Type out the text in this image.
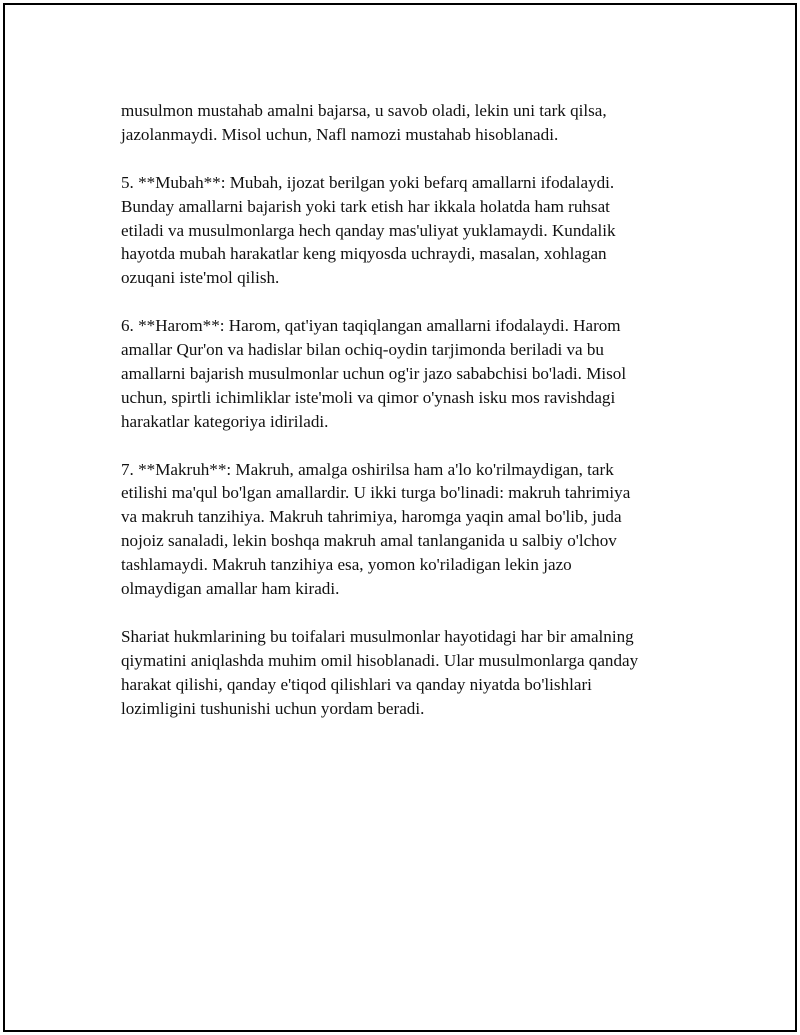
musulmon mustahab amalni bajarsa, u savob oladi, lekin uni tark qilsa,
jazolanmaydi. Misol uchun, Nafl namozi mustahab hisoblanadi.

5. **Mubah**: Mubah, ijozat berilgan yoki befarq amallarni ifodalaydi.
Bunday amallarni bajarish yoki tark etish har ikkala holatda ham ruhsat
etiladi va musulmonlarga hech qanday mas'uliyat yuklamaydi. Kundalik
hayotda mubah harakatlar keng miqyosda uchraydi, masalan, xohlagan
ozuqani iste'mol qilish.

6. **Harom**: Harom, qat'iyan taqiqlangan amallarni ifodalaydi. Harom
amallar Qur'on va hadislar bilan ochiq-oydin tarjimonda beriladi va bu
amallarni bajarish musulmonlar uchun og'ir jazo sababchisi bo'ladi. Misol
uchun, spirtli ichimliklar iste'moli va qimor o'ynash isku mos ravishdagi
harakatlar kategoriya idiriladi.

7. **Makruh**: Makruh, amalga oshirilsa ham a'lo ko'rilmaydigan, tark
etilishi ma'qul bo'lgan amallardir. U ikki turga bo'linadi: makruh tahrimiya
va makruh tanzihiya. Makruh tahrimiya, haromga yaqin amal bo'lib, juda
nojoiz sanaladi, lekin boshqa makruh amal tanlanganida u salbiy o'lchov
tashlamaydi. Makruh tanzihiya esa, yomon ko'riladigan lekin jazo
olmaydigan amallar ham kiradi.

Shariat hukmlarining bu toifalari musulmonlar hayotidagi har bir amalning
qiymatini aniqlashda muhim omil hisoblanadi. Ular musulmonlarga qanday
harakat qilishi, qanday e'tiqod qilishlari va qanday niyatda bo'lishlari
lozimligini tushunishi uchun yordam beradi.
